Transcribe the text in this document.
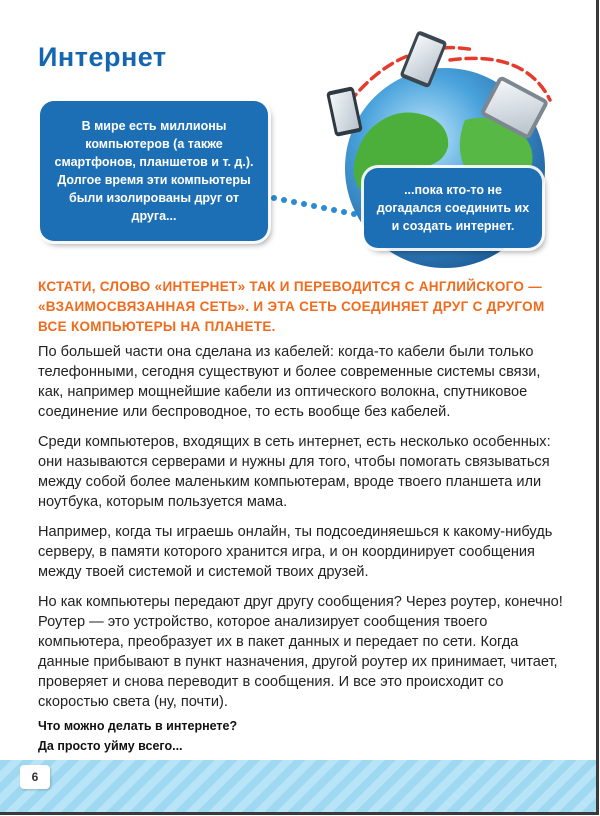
Интернет
В мире есть миллионы компьютеров (а также смартфонов, планшетов и т. д.). Долгое время эти компьютеры были изолированы друг от друга...
...пока кто-то не догадался соединить их и создать интернет.

КСТАТИ, СЛОВО «ИНТЕРНЕТ» ТАК И ПЕРЕВОДИТСЯ С АНГЛИЙСКОГО — «ВЗАИМОСВЯЗАННАЯ СЕТЬ». И ЭТА СЕТЬ СОЕДИНЯЕТ ДРУГ С ДРУГОМ ВСЕ КОМПЬЮТЕРЫ НА ПЛАНЕТЕ.

По большей части она сделана из кабелей: когда-то кабели были только телефонными, сегодня существуют и более современные системы связи, как, например мощнейшие кабели из оптического волокна, спутниковое соединение или беспроводное, то есть вообще без кабелей.

Среди компьютеров, входящих в сеть интернет, есть несколько особенных: они называются серверами и нужны для того, чтобы помогать связываться между собой более маленьким компьютерам, вроде твоего планшета или ноутбука, которым пользуется мама.

Например, когда ты играешь онлайн, ты подсоединяешься к какому-нибудь серверу, в памяти которого хранится игра, и он координирует сообщения между твоей системой и системой твоих друзей.

Но как компьютеры передают друг другу сообщения? Через роутер, конечно! Роутер — это устройство, которое анализирует сообщения твоего компьютера, преобразует их в пакет данных и передает по сети. Когда данные прибывают в пункт назначения, другой роутер их принимает, читает, проверяет и снова переводит в сообщения. И все это происходит со скоростью света (ну, почти).

Что можно делать в интернете?
Да просто уйму всего...
6
